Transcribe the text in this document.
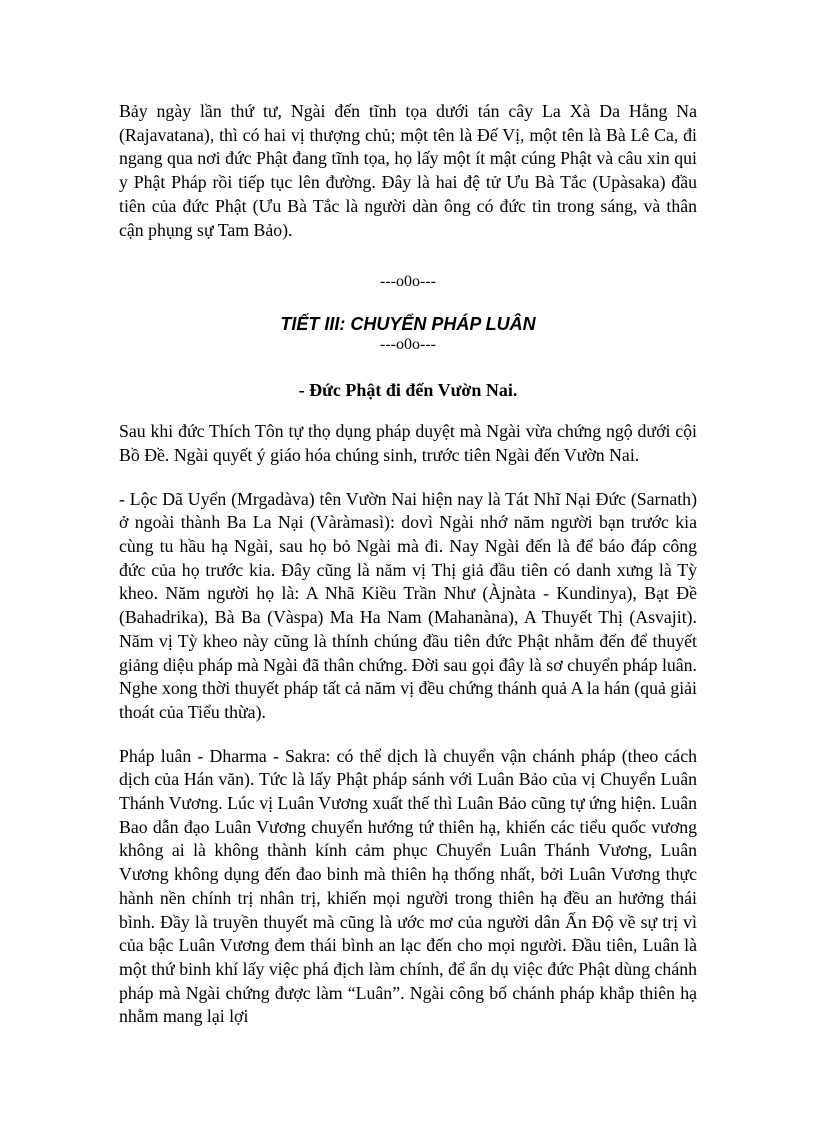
Bảy ngày lần thứ tư, Ngài đến tĩnh tọa dưới tán cây La Xà Da Hằng Na (Rajavatana), thì có hai vị thượng chủ; một tên là Đế Vị, một tên là Bà Lê Ca, đi ngang qua nơi đức Phật đang tĩnh tọa, họ lấy một ít mật cúng Phật và câu xin qui y Phật Pháp rồi tiếp tục lên đường. Đây là hai đệ tử Ưu Bà Tắc (Upàsaka) đầu tiên của đức Phật (Ưu Bà Tắc là người dàn ông có đức tin trong sáng, và thân cận phụng sự Tam Bảo).

---o0o---

TIẾT III: CHUYỂN PHÁP LUÂN

---o0o---

- Đức Phật đi đến Vườn Nai.

Sau khi đức Thích Tôn tự thọ dụng pháp duyệt mà Ngài vừa chứng ngộ dưới cội Bồ Đề. Ngài quyết ý giáo hóa chúng sinh, trước tiên Ngài đến Vườn Nai.

- Lộc Dã Uyển (Mrgadàva) tên Vườn Nai hiện nay là Tát Nhĩ Nại Đức (Sarnath) ở ngoài thành Ba La Nại (Vàràmasì): dovì Ngài nhớ năm người bạn trước kia cùng tu hầu hạ Ngài, sau họ bỏ Ngài mà đi. Nay Ngài đến là để báo đáp công đức của họ trước kia. Đây cũng là năm vị Thị giả đầu tiên có danh xưng là Tỳ kheo. Năm người họ là: A Nhã Kiều Trần Như (Àjnàta - Kundinya), Bạt Đề (Bahadrika), Bà Ba (Vàspa) Ma Ha Nam (Mahanàna), A Thuyết Thị (Asvajit). Năm vị Tỳ kheo này cũng là thính chúng đầu tiên đức Phật nhằm đến để thuyết giảng diệu pháp mà Ngài đã thân chứng. Đời sau gọi đây là sơ chuyển pháp luân. Nghe xong thời thuyết pháp tất cả năm vị đều chứng thánh quả A la hán (quả giải thoát của Tiểu thừa).

Pháp luân - Dharma - Sakra: có thể dịch là chuyển vận chánh pháp (theo cách dịch của Hán văn). Tức là lấy Phật pháp sánh với Luân Bảo của vị Chuyển Luân Thánh Vương. Lúc vị Luân Vương xuất thế thì Luân Bảo cũng tự ứng hiện. Luân Bao dẫn đạo Luân Vương chuyển hướng tứ thiên hạ, khiến các tiểu quốc vương không ai là không thành kính cảm phục Chuyển Luân Thánh Vương, Luân Vương không dụng đến đao binh mà thiên hạ thống nhất, bởi Luân Vương thực hành nền chính trị nhân trị, khiến mọi người trong thiên hạ đều an hưởng thái bình. Đầy là truyền thuyết mà cũng là ước mơ của người dân Ấn Độ về sự trị vì của bậc Luân Vương đem thái bình an lạc đến cho mọi người. Đầu tiên, Luân là một thứ binh khí lấy việc phá địch làm chính, để ẩn dụ việc đức Phật dùng chánh pháp mà Ngài chứng được làm “Luân”. Ngài công bố chánh pháp khắp thiên hạ nhằm mang lại lợi
